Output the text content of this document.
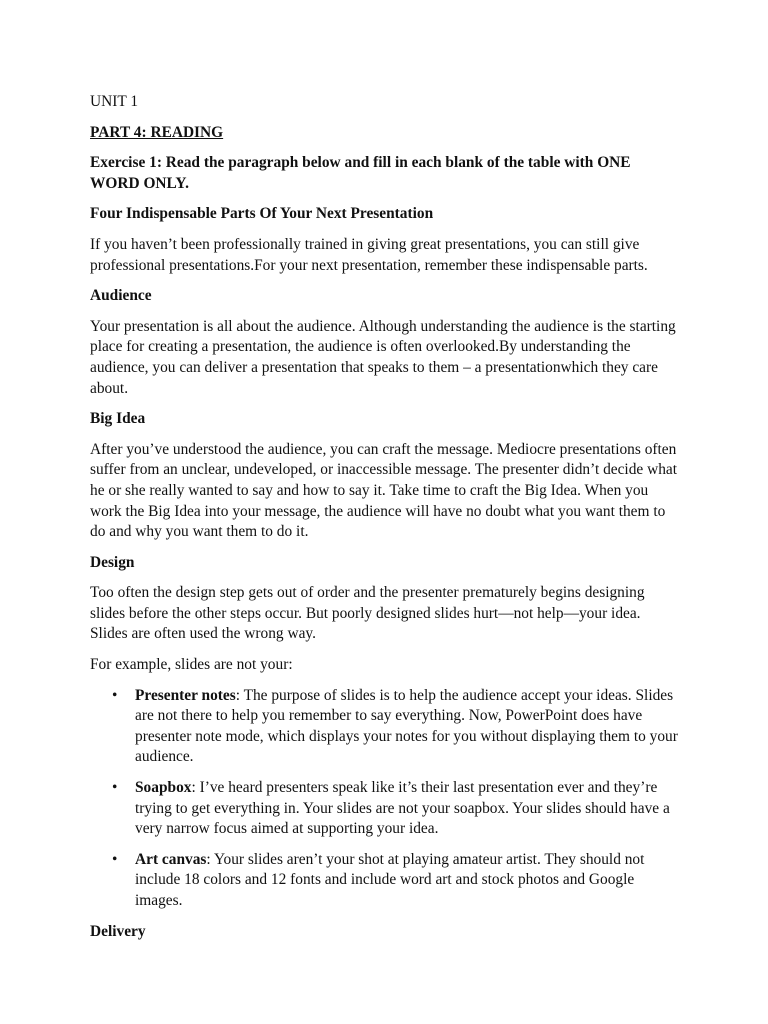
UNIT 1

PART 4: READING

Exercise 1: Read the paragraph below and fill in each blank of the table with ONE WORD ONLY.

Four Indispensable Parts Of Your Next Presentation

If you haven’t been professionally trained in giving great presentations, you can still give professional presentations.For your next presentation, remember these indispensable parts.

Audience

Your presentation is all about the audience. Although understanding the audience is the starting place for creating a presentation, the audience is often overlooked.By understanding the audience, you can deliver a presentation that speaks to them – a presentationwhich they care about.

Big Idea

After you’ve understood the audience, you can craft the message. Mediocre presentations often suffer from an unclear, undeveloped, or inaccessible message. The presenter didn’t decide what he or she really wanted to say and how to say it. Take time to craft the Big Idea. When you work the Big Idea into your message, the audience will have no doubt what you want them to do and why you want them to do it.

Design

Too often the design step gets out of order and the presenter prematurely begins designing slides before the other steps occur. But poorly designed slides hurt—not help—your idea. Slides are often used the wrong way.

For example, slides are not your:

• Presenter notes: The purpose of slides is to help the audience accept your ideas. Slides are not there to help you remember to say everything. Now, PowerPoint does have presenter note mode, which displays your notes for you without displaying them to your audience.
• Soapbox: I’ve heard presenters speak like it’s their last presentation ever and they’re trying to get everything in. Your slides are not your soapbox. Your slides should have a very narrow focus aimed at supporting your idea.
• Art canvas: Your slides aren’t your shot at playing amateur artist. They should not include 18 colors and 12 fonts and include word art and stock photos and Google images.

Delivery
